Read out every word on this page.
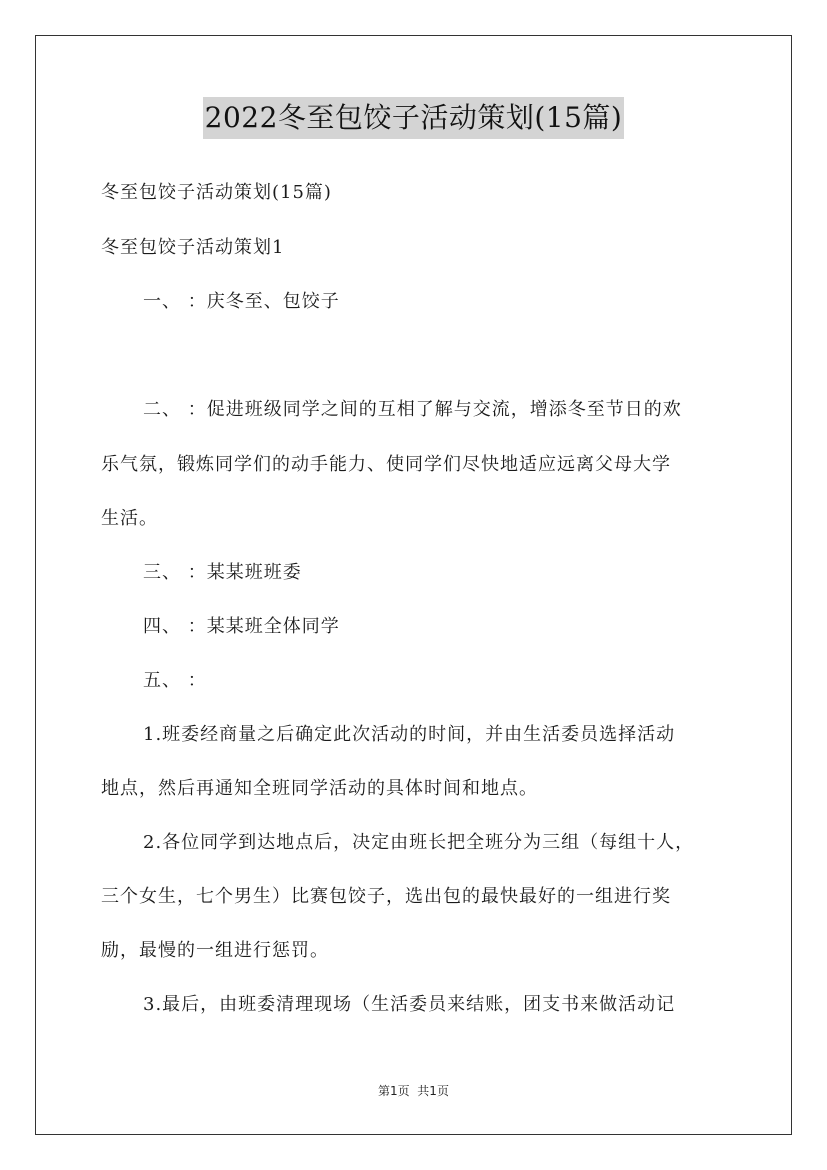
2022冬至包饺子活动策划(15篇)
冬至包饺子活动策划(15篇)
冬至包饺子活动策划1
一、 ：庆冬至、包饺子
二、 ：促进班级同学之间的互相了解与交流，增添冬至节日的欢
乐气氛，锻炼同学们的动手能力、使同学们尽快地适应远离父母大学
生活。
三、 ：某某班班委
四、 ：某某班全体同学
五、 ：
1.班委经商量之后确定此次活动的时间，并由生活委员选择活动
地点，然后再通知全班同学活动的具体时间和地点。
2.各位同学到达地点后，决定由班长把全班分为三组（每组十人，
三个女生，七个男生）比赛包饺子，选出包的最快最好的一组进行奖
励，最慢的一组进行惩罚。
3.最后，由班委清理现场（生活委员来结账，团支书来做活动记
第1页  共1页
